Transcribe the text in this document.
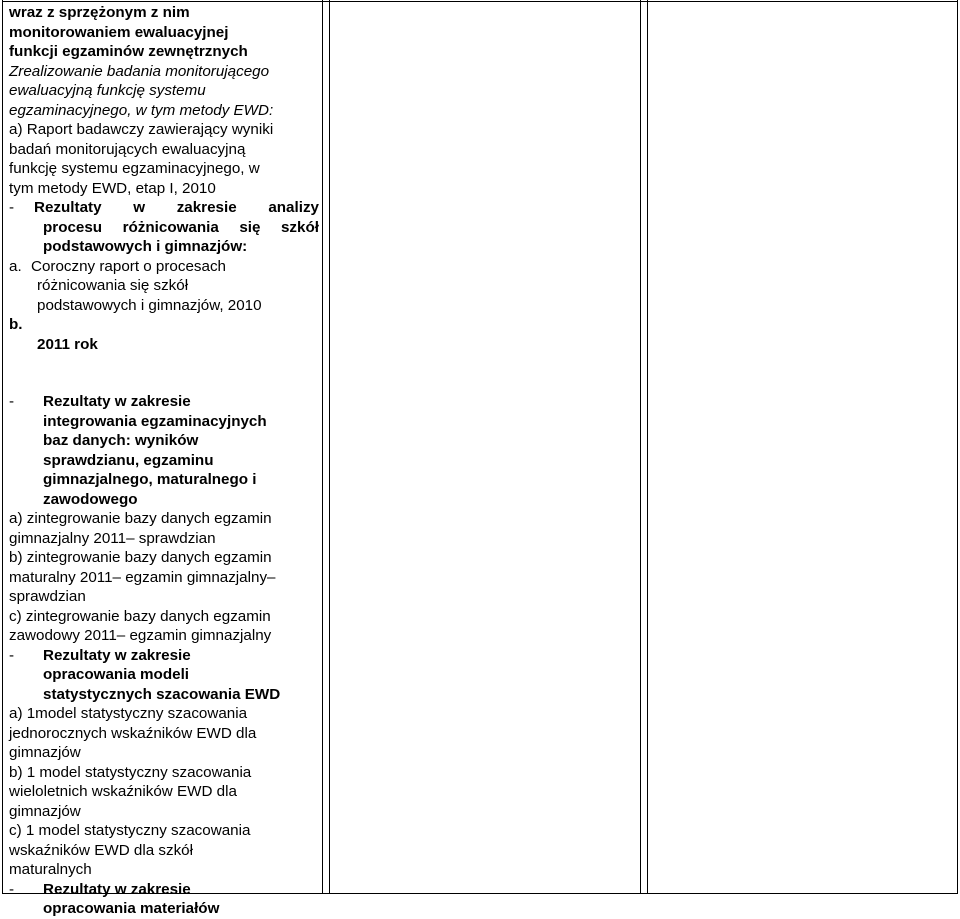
wraz z sprzężonym z nim
monitorowaniem ewaluacyjnej
funkcji egzaminów zewnętrznych
Zrealizowanie badania monitorującego
ewaluacyjną funkcję systemu
egzaminacyjnego, w tym metody EWD:
a) Raport badawczy zawierający wyniki
badań monitorujących ewaluacyjną
funkcję systemu egzaminacyjnego, w
tym metody EWD, etap I, 2010
- Rezultaty w zakresie analizy
procesu różnicowania się szkół
podstawowych i gimnazjów:
a. Coroczny raport o procesach
różnicowania się szkół
podstawowych i gimnazjów, 2010
b.
2011 rok
-	Rezultaty w zakresie
integrowania egzaminacyjnych
baz danych: wyników
sprawdzianu, egzaminu
gimnazjalnego, maturalnego i
zawodowego
a) zintegrowanie bazy danych egzamin
gimnazjalny 2011– sprawdzian
b) zintegrowanie bazy danych egzamin
maturalny 2011– egzamin gimnazjalny–
sprawdzian
c) zintegrowanie bazy danych egzamin
zawodowy 2011– egzamin gimnazjalny
-	Rezultaty w zakresie
opracowania modeli
statystycznych szacowania EWD
a) 1model statystyczny szacowania
jednorocznych wskaźników EWD dla
gimnazjów
b) 1 model statystyczny szacowania
wieloletnich wskaźników EWD dla
gimnazjów
c) 1 model statystyczny szacowania
wskaźników EWD dla szkół
maturalnych
-	Rezultaty w zakresie
opracowania materiałów
